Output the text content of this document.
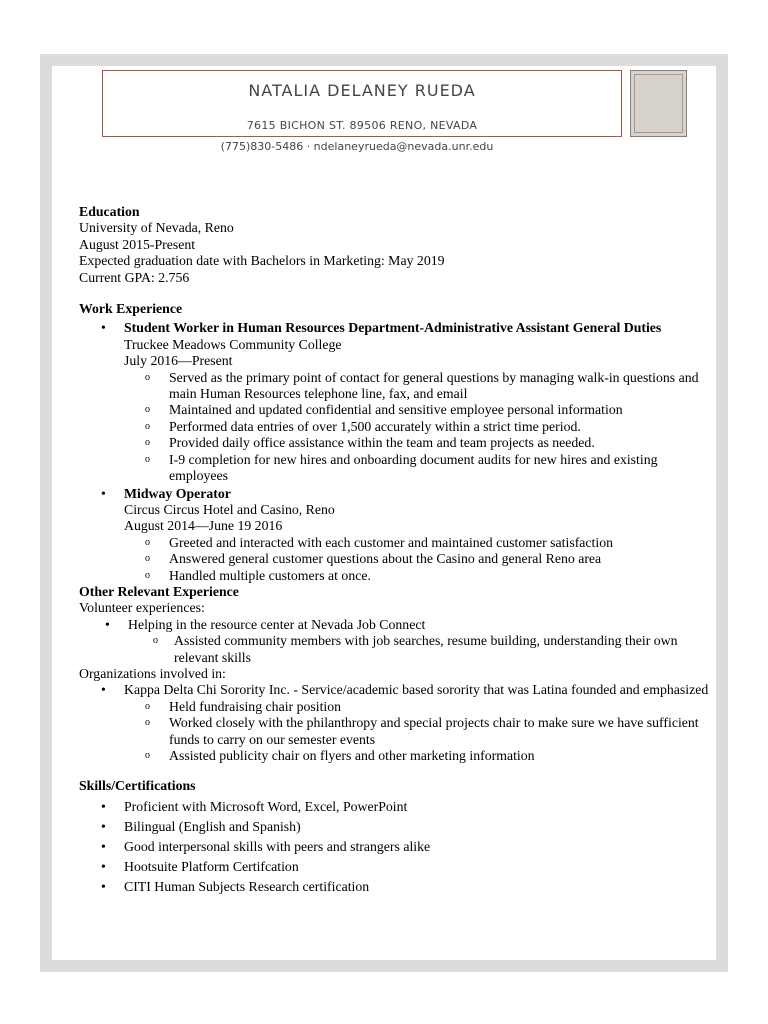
NATALIA DELANEY RUEDA
7615 BICHON ST. 89506 RENO, NEVADA
(775)830-5486 · ndelaneyrueda@nevada.unr.edu
Education
University of Nevada, Reno
August 2015-Present
Expected graduation date with Bachelors in Marketing: May 2019
Current GPA: 2.756
Work Experience
• Student Worker in Human Resources Department-Administrative Assistant General Duties
Truckee Meadows Community College
July 2016—Present
o Served as the primary point of contact for general questions by managing walk-in questions and main Human Resources telephone line, fax, and email
o Maintained and updated confidential and sensitive employee personal information
o Performed data entries of over 1,500 accurately within a strict time period.
o Provided daily office assistance within the team and team projects as needed.
o I-9 completion for new hires and onboarding document audits for new hires and existing employees
• Midway Operator
Circus Circus Hotel and Casino, Reno
August 2014—June 19 2016
o Greeted and interacted with each customer and maintained customer satisfaction
o Answered general customer questions about the Casino and general Reno area
o Handled multiple customers at once.
Other Relevant Experience
Volunteer experiences:
• Helping in the resource center at Nevada Job Connect
o Assisted community members with job searches, resume building, understanding their own relevant skills
Organizations involved in:
• Kappa Delta Chi Sorority Inc. - Service/academic based sorority that was Latina founded and emphasized
o Held fundraising chair position
o Worked closely with the philanthropy and special projects chair to make sure we have sufficient funds to carry on our semester events
o Assisted publicity chair on flyers and other marketing information
Skills/Certifications
• Proficient with Microsoft Word, Excel, PowerPoint
• Bilingual (English and Spanish)
• Good interpersonal skills with peers and strangers alike
• Hootsuite Platform Certifcation
• CITI Human Subjects Research certification
